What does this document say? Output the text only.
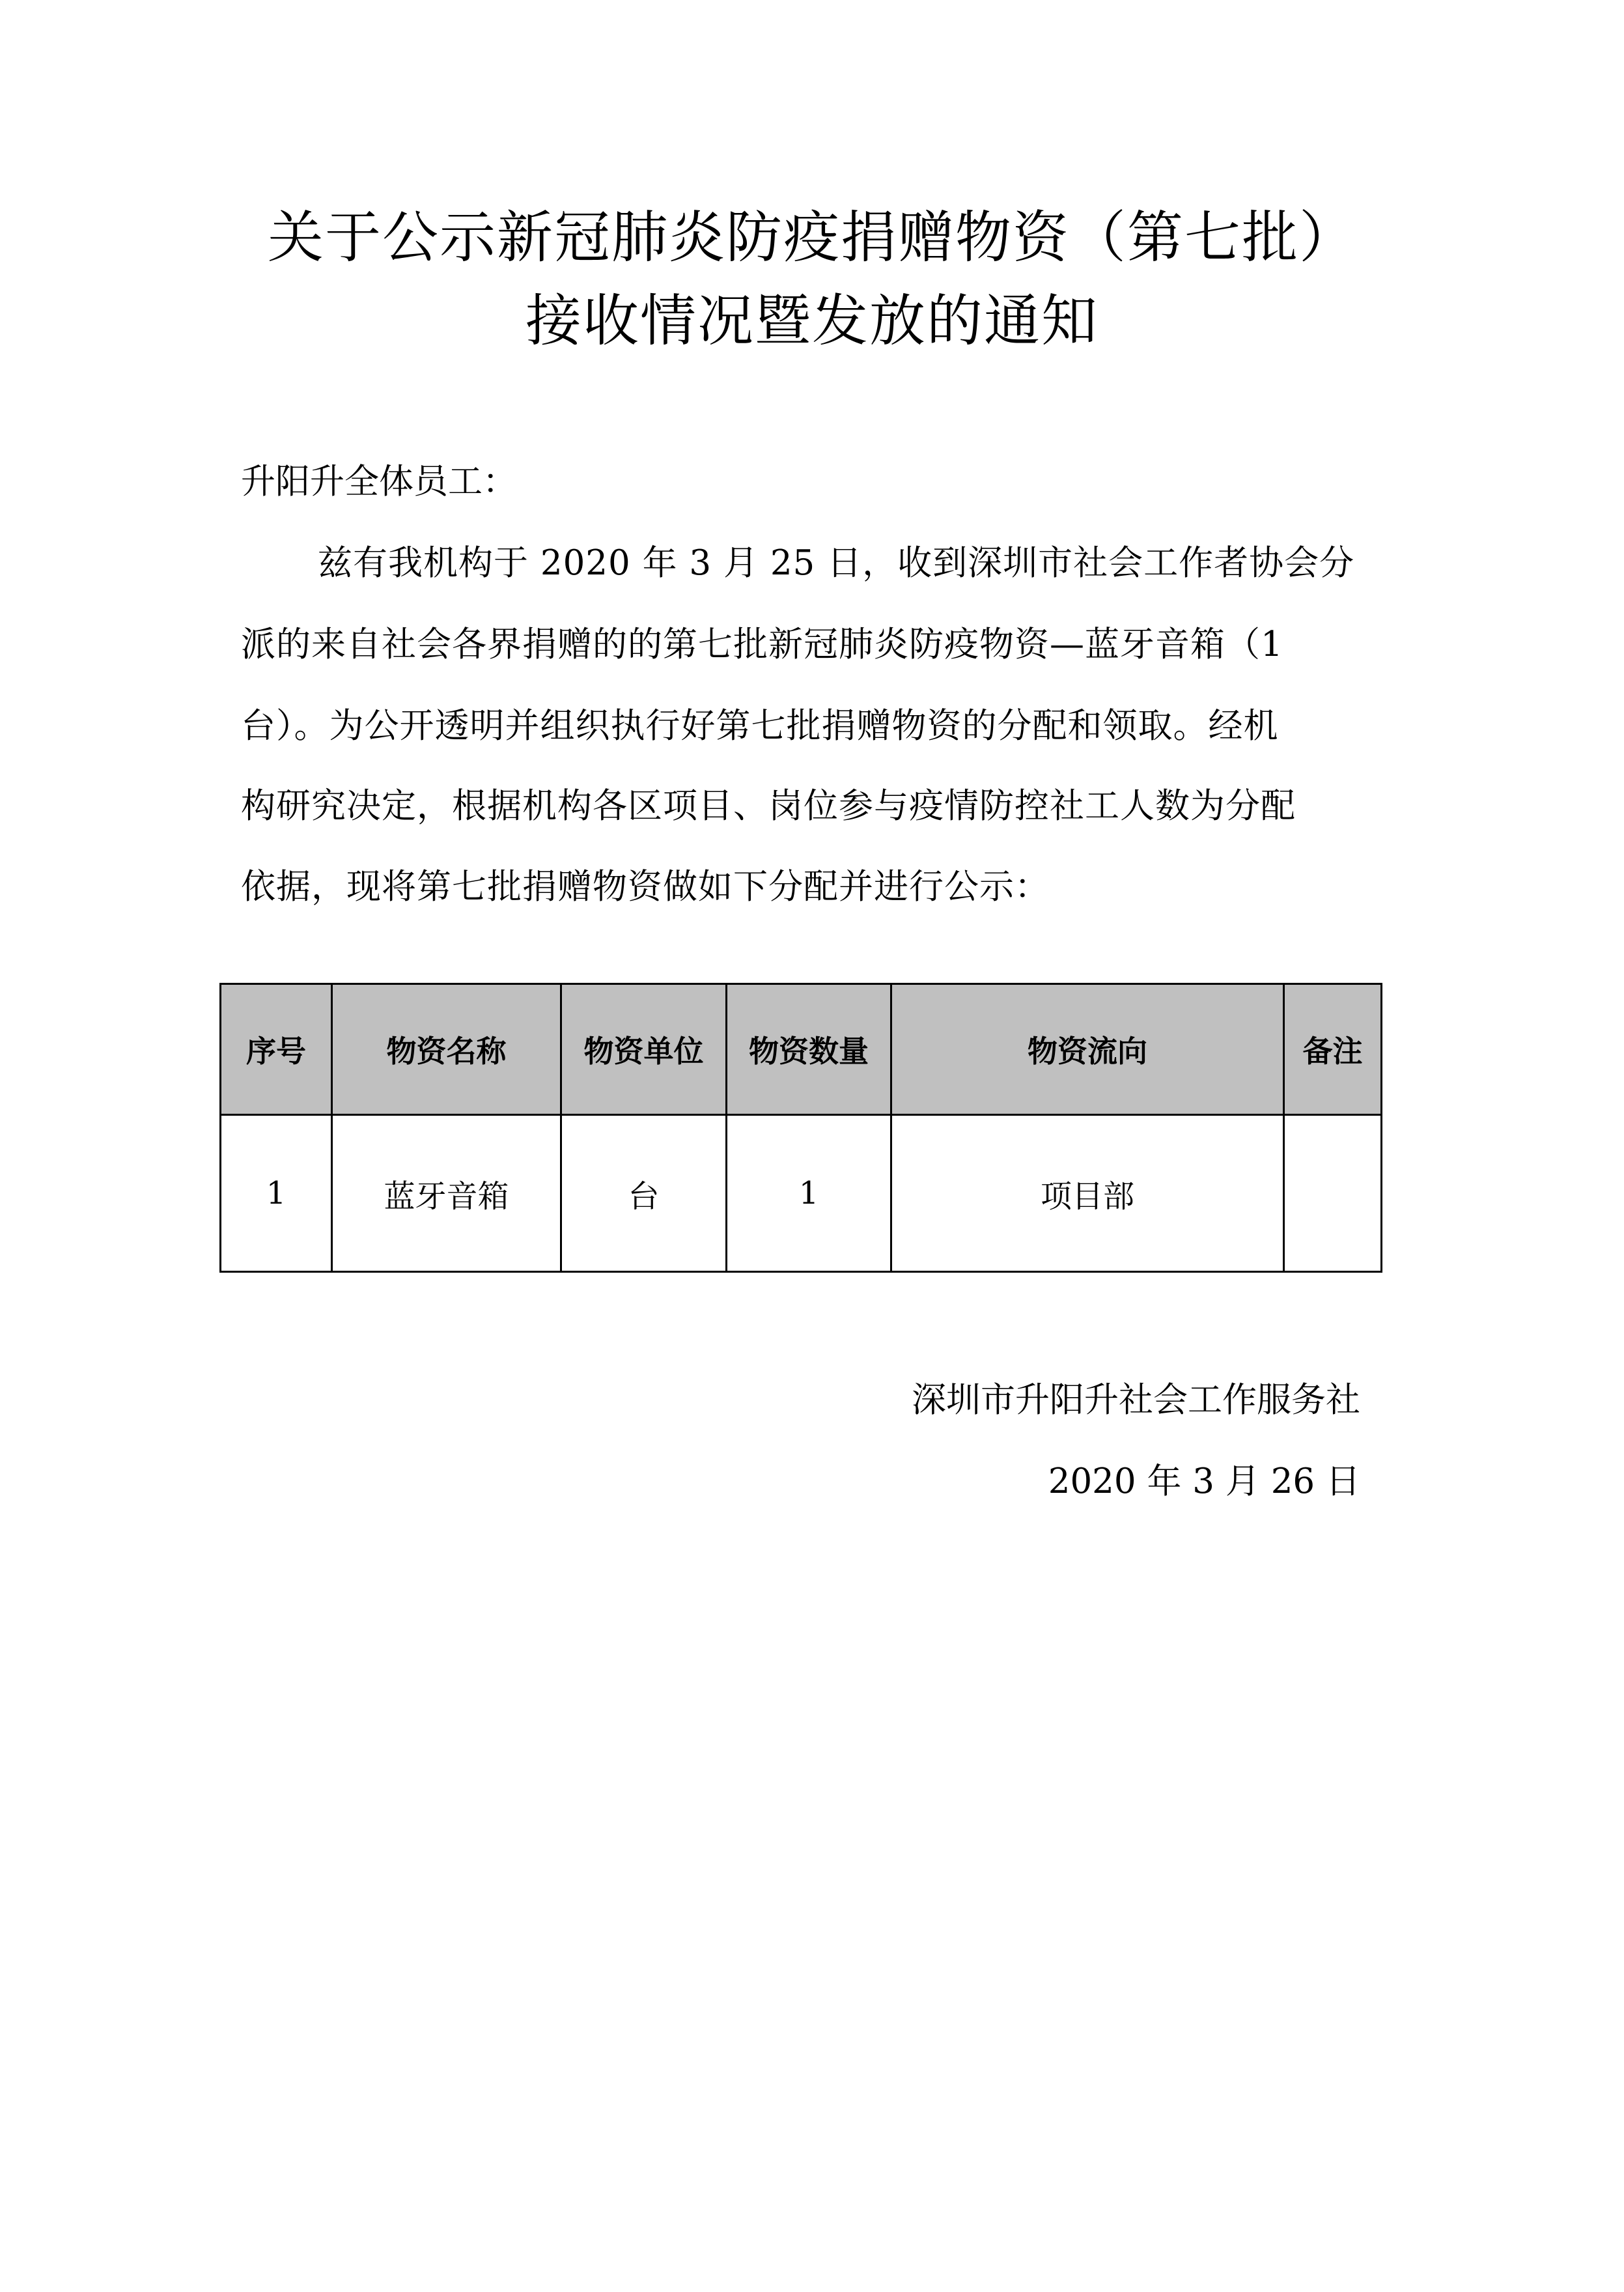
关于公示新冠肺炎防疫捐赠物资（第七批）
接收情况暨发放的通知
升阳升全体员工：
兹有我机构于 2020 年 3 月 25 日，收到深圳市社会工作者协会分
派的来自社会各界捐赠的的第七批新冠肺炎防疫物资—蓝牙音箱（1
台）。为公开透明并组织执行好第七批捐赠物资的分配和领取。经机
构研究决定，根据机构各区项目、岗位参与疫情防控社工人数为分配
依据，现将第七批捐赠物资做如下分配并进行公示：
序号	物资名称	物资单位	物资数量	物资流向	备注
1	蓝牙音箱	台	1	项目部	
深圳市升阳升社会工作服务社
2020 年 3 月 26 日
